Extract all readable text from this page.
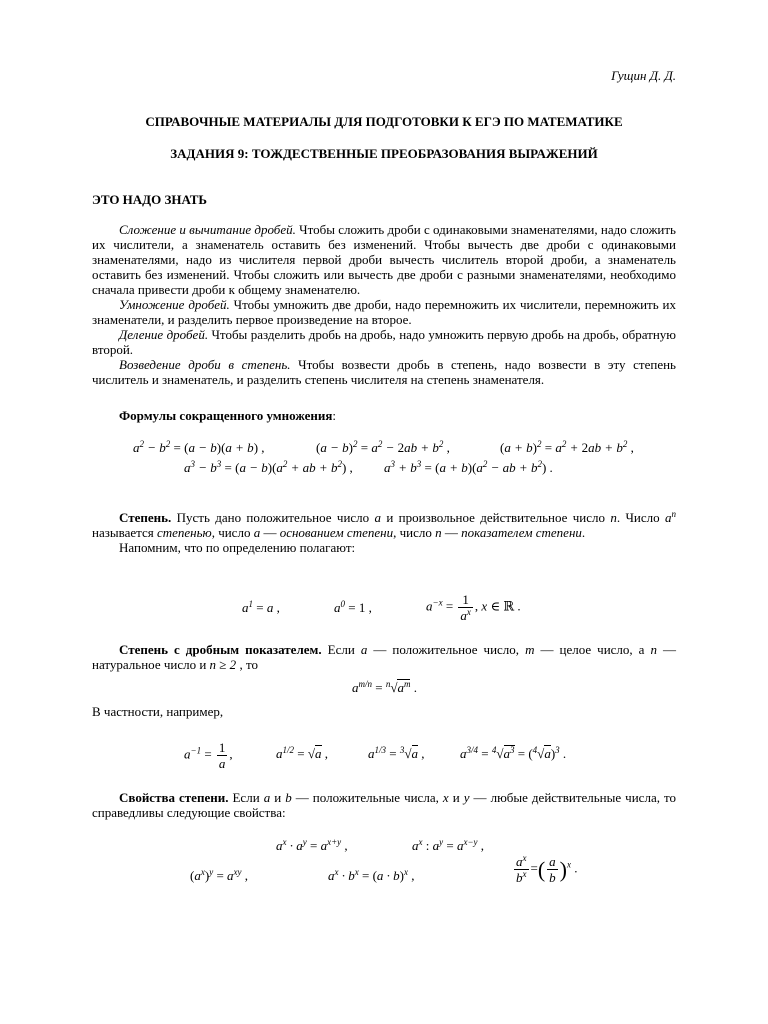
Гущин Д. Д.
СПРАВОЧНЫЕ МАТЕРИАЛЫ ДЛЯ ПОДГОТОВКИ К ЕГЭ ПО МАТЕМАТИКЕ
ЗАДАНИЯ 9: ТОЖДЕСТВЕННЫЕ ПРЕОБРАЗОВАНИЯ ВЫРАЖЕНИЙ
ЭТО НАДО ЗНАТЬ

Сложение и вычитание дробей. Чтобы сложить дроби с одинаковыми знаменателями, надо сложить их числители, а знаменатель оставить без изменений. Чтобы вычесть две дроби с одинаковыми знаменателями, надо из числителя первой дроби вычесть числитель второй дроби, а знаменатель оставить без изменений. Чтобы сложить или вычесть две дроби с разными знаменателями, необходимо сначала привести дроби к общему знаменателю.

Умножение дробей. Чтобы умножить две дроби, надо перемножить их числители, перемножить их знаменатели, и разделить первое произведение на второе.

Деление дробей. Чтобы разделить дробь на дробь, надо умножить первую дробь на дробь, обратную второй.

Возведение дроби в степень. Чтобы возвести дробь в степень, надо возвести в эту степень числитель и знаменатель, и разделить степень числителя на степень знаменателя.

Формулы сокращенного умножения:

$a^2 - b^2 = (a - b)(a + b)$ ,	$(a - b)^2 = a^2 - 2ab + b^2$ ,	$(a + b)^2 = a^2 + 2ab + b^2$ ,
$a^3 - b^3 = (a - b)(a^2$ + ab + $b^2$) , $a^3 + b^3 = (a + b)(a^2$ − ab + $b^2$) .

Степень. Пусть дано положительное число a и произвольное действительное число n. Число $a^n$ называется степенью, число a — основанием степени, число n — показателем степени.

Напомним, что по определению полагают:

$a^1 = a$ ,	$a^0 = 1$ ,	$a^{-x} = \frac{1}{a^x}$ , x ∈ ℝ .

Степень с дробным показателем. Если a — положительное число, m — целое число, а n — натуральное число и n ≥ 2 , то

$a^{m/n} = ^n√a^m$ .

В частности, например,

$a^{-1} = \frac{1}{a}$ ,	$a^{1/2} = √a$ ,	$a^{1/3} = ^3√a$ ,	$a^{3/4} = ^4√a^3 = (^4√a)^3$ .

Свойства степени. Если a и b — положительные числа, x и y — любые действительные числа, то справедливы следующие свойства:

$a^x \cdot a^y = a^{x+y}$ ,	$a^x$ : $a^y = a^{x-y}$ ,
$(a^x)^y = a^{xy}$ ,	$a^x \cdot b^x = (a \cdot b)^x$ ,	$\frac{a^x}{b^x}$ =( $\frac{a}{b} )^x$ .
